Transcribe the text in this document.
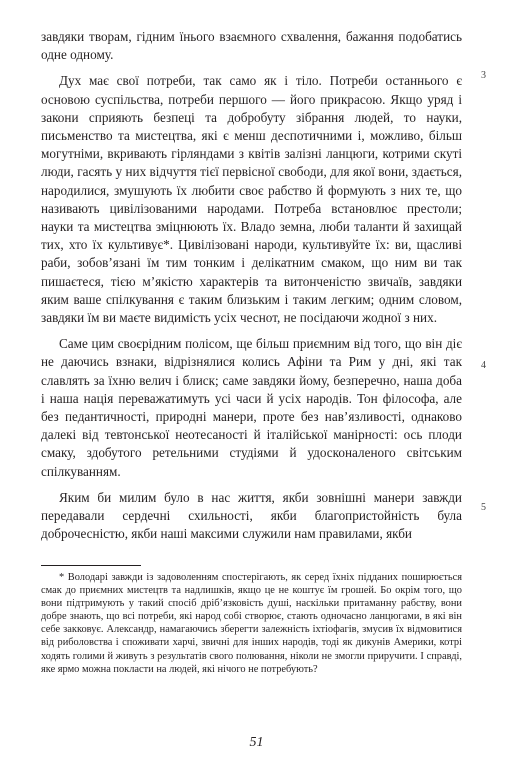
завдяки творам, гідним їнього взаємного схвалення, бажання подобатись одне одному.

Дух має свої потреби, так само як і тіло. Потреби останнього є основою суспільства, потреби першого — його прикрасою. Якщо уряд і закони сприяють безпеці та добробуту зібрання людей, то науки, письменство та мистецтва, які є менш деспотичними і, можливо, більш могутніми, вкривають гірляндами з квітів залізні ланцюги, котрими скуті люди, гасять у них відчуття тієї первісної свободи, для якої вони, здається, народилися, змушують їх любити своє рабство й формують з них те, що називають цивілізованими народами. Потреба встановлює престоли; науки та мистецтва зміцнюють їх. Владо земна, люби таланти й захищай тих, хто їх культивує*. Цивілізовані народи, культивуйте їх: ви, щасливі раби, зобов’язані їм тим тонким і делікатним смаком, що ним ви так пишаєтеся, тією м’якістю характерів та витонченістю звичаїв, завдяки яким ваше спілкування є таким близьким і таким легким; одним словом, завдяки їм ви маєте видимість усіх чеснот, не посідаючи жодної з них.

Саме цим своєрідним полісом, ще більш приємним від того, що він діє не даючись взнаки, відрізнялися колись Афіни та Рим у дні, які так славлять за їхню велич і блиск; саме завдяки йому, безперечно, наша доба і наша нація переважатимуть усі часи й усіх народів. Тон філософа, але без педантичності, природні манери, проте без нав’язливості, однаково далекі від тевтонської неотесаності й італійської манірності: ось плоди смаку, здобутого ретельними студіями й удосконаленого світським спілкуванням.

Яким би милим було в нас життя, якби зовнішні манери завжди передавали сердечні схильності, якби благопристойність була доброчесністю, якби наші максими служили нам правилами, якби

3
4
5

* Володарі завжди із задоволенням спостерігають, як серед їхніх підданих поширюється смак до приємних мистецтв та надлишків, якщо це не коштує їм грошей. Бо окрім того, що вони підтримують у такий спосіб дріб’язковість душі, наскільки притаманну рабству, вони добре знають, що всі потреби, які народ собі створює, стають одночасно ланцюгами, в які він себе закковує. Александр, намагаючись зберегти залежність іхтіофагів, змусив їх відмовитися від риболовства і споживати харчі, звичні для інших народів, тоді як дикунів Америки, котрі ходять голими й живуть з результатів свого полювання, ніколи не змогли приручити. І справді, яке ярмо можна покласти на людей, які нічого не потребують?

51
